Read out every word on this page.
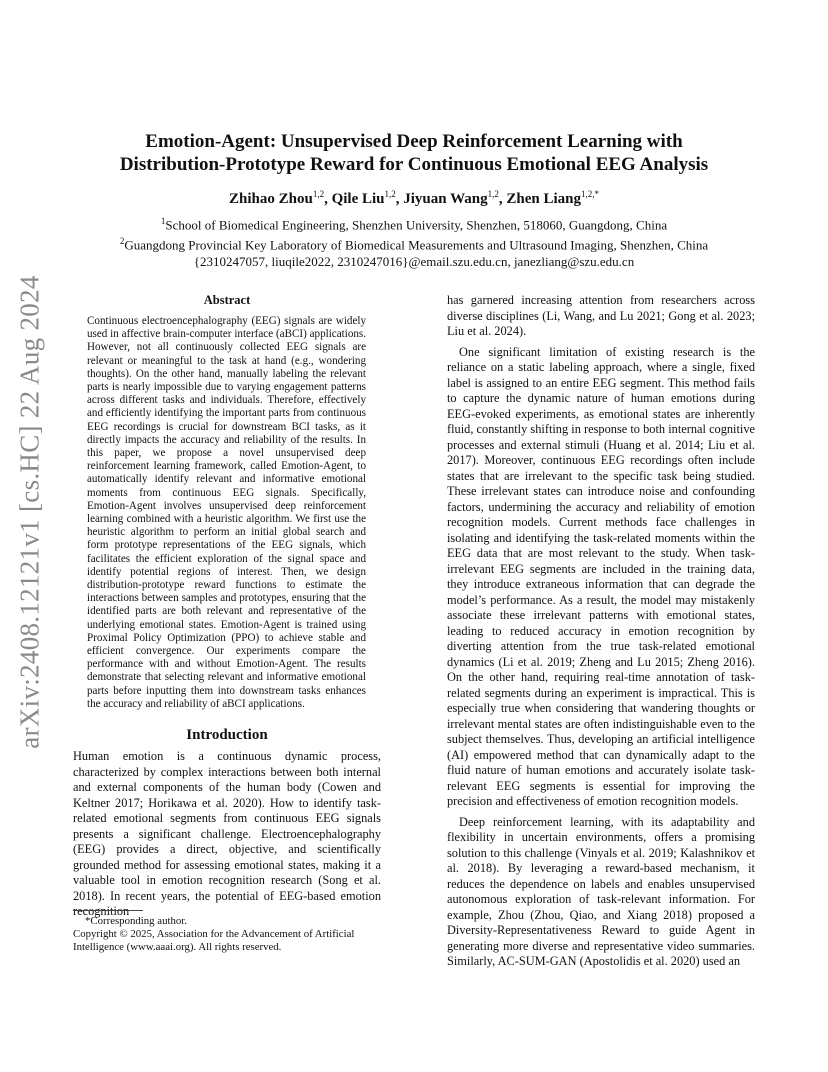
arXiv:2408.12121v1 [cs.HC] 22 Aug 2024
Emotion-Agent: Unsupervised Deep Reinforcement Learning with
Distribution-Prototype Reward for Continuous Emotional EEG Analysis
Zhihao Zhou$^{1,2}$, Qile Liu$^{1,2}$, Jiyuan Wang$^{1,2}$, Zhen Liang$^{1,2,*}$
$^1$School of Biomedical Engineering, Shenzhen University, Shenzhen, 518060, Guangdong, China
$^2$Guangdong Provincial Key Laboratory of Biomedical Measurements and Ultrasound Imaging, Shenzhen, China
{2310247057, liuqile2022, 2310247016}@email.szu.edu.cn, janezliang@szu.edu.cn
Abstract

Continuous electroencephalography (EEG) signals are widely used in affective brain-computer interface (aBCI) applications. However, not all continuously collected EEG signals are relevant or meaningful to the task at hand (e.g., wondering thoughts). On the other hand, manually labeling the relevant parts is nearly impossible due to varying engagement patterns across different tasks and individuals. Therefore, effectively and efficiently identifying the important parts from continuous EEG recordings is crucial for downstream BCI tasks, as it directly impacts the accuracy and reliability of the results. In this paper, we propose a novel unsupervised deep reinforcement learning framework, called Emotion-Agent, to automatically identify relevant and informative emotional moments from continuous EEG signals. Specifically, Emotion-Agent involves unsupervised deep reinforcement learning combined with a heuristic algorithm. We first use the heuristic algorithm to perform an initial global search and form prototype representations of the EEG signals, which facilitates the efficient exploration of the signal space and identify potential regions of interest. Then, we design distribution-prototype reward functions to estimate the interactions between samples and prototypes, ensuring that the identified parts are both relevant and representative of the underlying emotional states. Emotion-Agent is trained using Proximal Policy Optimization (PPO) to achieve stable and efficient convergence. Our experiments compare the performance with and without Emotion-Agent. The results demonstrate that selecting relevant and informative emotional parts before inputting them into downstream tasks enhances the accuracy and reliability of aBCI applications.

Introduction

Human emotion is a continuous dynamic process, characterized by complex interactions between both internal and external components of the human body (Cowen and Keltner 2017; Horikawa et al. 2020). How to identify task-related emotional segments from continuous EEG signals presents a significant challenge. Electroencephalography (EEG) provides a direct, objective, and scientifically grounded method for assessing emotional states, making it a valuable tool in emotion recognition research (Song et al. 2018). In recent years, the potential of EEG-based emotion recognition

*Corresponding author.

Copyright © 2025, Association for the Advancement of Artificial Intelligence (www.aaai.org). All rights reserved.

has garnered increasing attention from researchers across diverse disciplines (Li, Wang, and Lu 2021; Gong et al. 2023; Liu et al. 2024).

One significant limitation of existing research is the reliance on a static labeling approach, where a single, fixed label is assigned to an entire EEG segment. This method fails to capture the dynamic nature of human emotions during EEG-evoked experiments, as emotional states are inherently fluid, constantly shifting in response to both internal cognitive processes and external stimuli (Huang et al. 2014; Liu et al. 2017). Moreover, continuous EEG recordings often include states that are irrelevant to the specific task being studied. These irrelevant states can introduce noise and confounding factors, undermining the accuracy and reliability of emotion recognition models. Current methods face challenges in isolating and identifying the task-related moments within the EEG data that are most relevant to the study. When task-irrelevant EEG segments are included in the training data, they introduce extraneous information that can degrade the model’s performance. As a result, the model may mistakenly associate these irrelevant patterns with emotional states, leading to reduced accuracy in emotion recognition by diverting attention from the true task-related emotional dynamics (Li et al. 2019; Zheng and Lu 2015; Zheng 2016). On the other hand, requiring real-time annotation of task-related segments during an experiment is impractical. This is especially true when considering that wandering thoughts or irrelevant mental states are often indistinguishable even to the subject themselves. Thus, developing an artificial intelligence (AI) empowered method that can dynamically adapt to the fluid nature of human emotions and accurately isolate task-relevant EEG segments is essential for improving the precision and effectiveness of emotion recognition models.

Deep reinforcement learning, with its adaptability and flexibility in uncertain environments, offers a promising solution to this challenge (Vinyals et al. 2019; Kalashnikov et al. 2018). By leveraging a reward-based mechanism, it reduces the dependence on labels and enables unsupervised autonomous exploration of task-relevant information. For example, Zhou (Zhou, Qiao, and Xiang 2018) proposed a Diversity-Representativeness Reward to guide Agent in generating more diverse and representative video summaries. Similarly, AC-SUM-GAN (Apostolidis et al. 2020) used an
